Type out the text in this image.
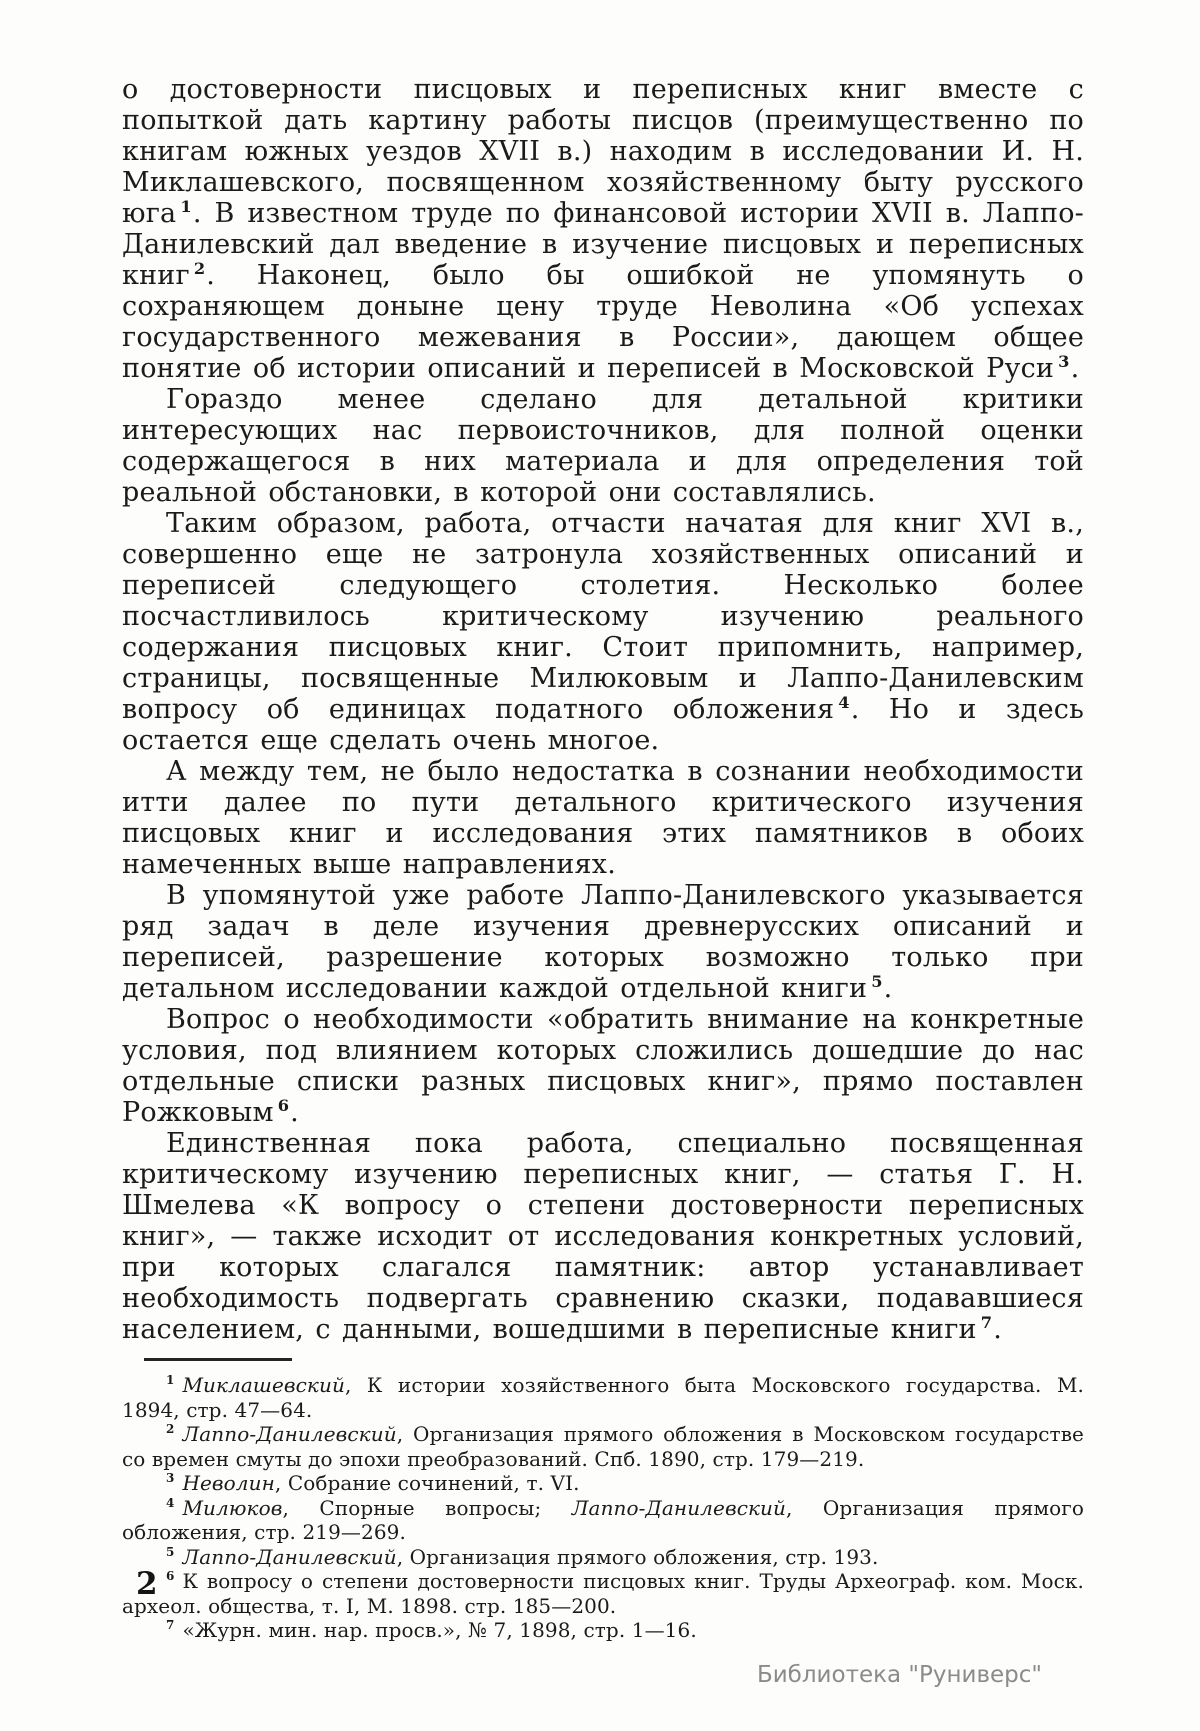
о достоверности писцовых и переписных книг вместе с попыткой дать картину работы писцов (преимущественно по книгам южных уездов XVII в.) находим в исследовании И. Н. Миклашевского, посвященном хозяйственному быту русского юга $^1$. В известном труде по финансовой истории XVII в. Лаппо-Данилевский дал введение в изучение писцовых и переписных книг $^2$. Наконец, было бы ошибкой не упомянуть о сохраняющем доныне цену труде Неволина «Об успехах государственного межевания в России», дающем общее понятие об истории описаний и переписей в Московской Руси $^3$.

Гораздо менее сделано для детальной критики интересующих нас первоисточников, для полной оценки содержащегося в них материала и для определения той реальной обстановки, в которой они составлялись.

Таким образом, работа, отчасти начатая для книг XVI в., совершенно еще не затронула хозяйственных описаний и переписей следующего столетия. Несколько более посчастливилось критическому изучению реального содержания писцовых книг. Стоит припомнить, например, страницы, посвященные Милюковым и Лаппо-Данилевским вопросу об единицах податного обложения $^4$. Но и здесь остается еще сделать очень многое.

А между тем, не было недостатка в сознании необходимости итти далее по пути детального критического изучения писцовых книг и исследования этих памятников в обоих намеченных выше направлениях.

В упомянутой уже работе Лаппо-Данилевского указывается ряд задач в деле изучения древнерусских описаний и переписей, разрешение которых возможно только при детальном исследовании каждой отдельной книги $^5$.

Вопрос о необходимости «обратить внимание на конкретные условия, под влиянием которых сложились дошедшие до нас отдельные списки разных писцовых книг», прямо поставлен Рожковым $^6$.

Единственная пока работа, специально посвященная критическому изучению переписных книг, — статья Г. Н. Шмелева «К вопросу о степени достоверности переписных книг», — также исходит от исследования конкретных условий, при которых слагался памятник: автор устанавливает необходимость подвергать сравнению сказки, подававшиеся населением, с данными, вошедшими в переписные книги $^7$.

$^1$ Миклашевский, К истории хозяйственного быта Московского государства. М. 1894, стр. 47—64.

$^2$ Лаппо-Данилевский, Организация прямого обложения в Московском государстве со времен смуты до эпохи преобразований. Спб. 1890, стр. 179—219.

$^3$ Неволин, Собрание сочинений, т. VI.

$^4$ Милюков, Спорные вопросы; Лаппо-Данилевский, Организация прямого обложения, стр. 219—269.

$^5$ Лаппо-Данилевский, Организация прямого обложения, стр. 193.

$^6$ К вопросу о степени достоверности писцовых книг. Труды Археограф. ком. Моск. археол. общества, т. I, М. 1898. стр. 185—200.

$^7$ «Журн. мин. нар. просв.», № 7, 1898, стр. 1—16.

2
Библиотека "Руниверс"
